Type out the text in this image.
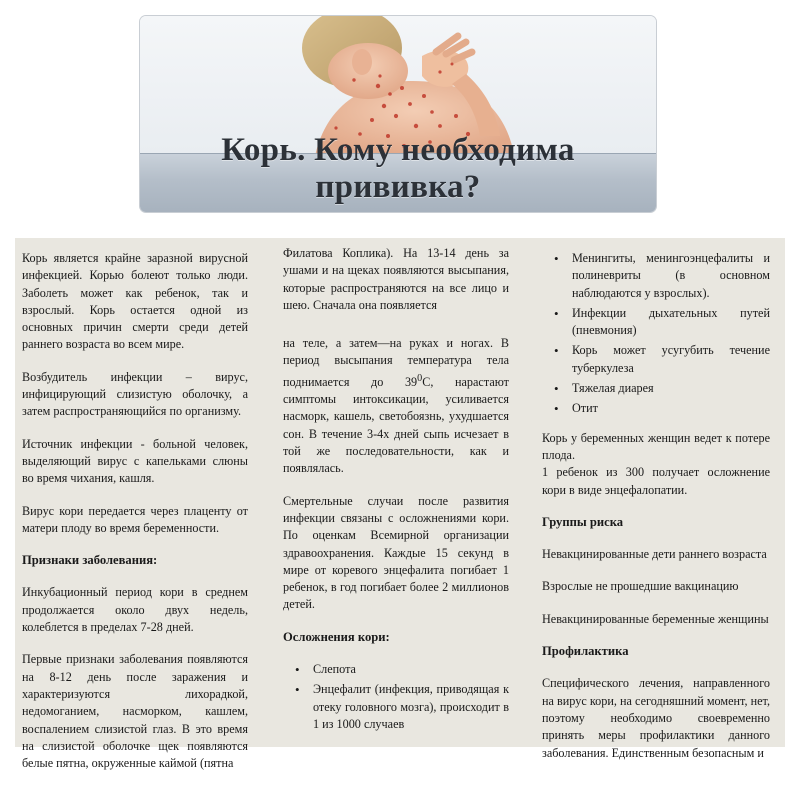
Корь. Кому необходима прививка?

Корь является крайне заразной вирусной инфекцией. Корью болеют только люди. Заболеть может как ребенок, так и взрослый. Корь остается одной из основных причин смерти среди детей раннего возраста во всем мире.

Возбудитель инфекции – вирус, инфицирующий слизистую оболочку, а затем распространяющийся по организму.

Источник инфекции - больной человек, выделяющий вирус с капельками слюны во время чихания, кашля.

Вирус кори передается через плаценту от матери плоду во время беременности.

Признаки заболевания:

Инкубационный период кори в среднем продолжается около двух недель, колеблется в пределах 7-28 дней.

Первые признаки заболевания появляются на 8-12 день после заражения и характеризуются лихорадкой, недомоганием, насморком, кашлем, воспалением слизистой глаз. В это время на слизистой оболочке щек появляются белые пятна, окруженные каймой (пятна

Филатова Коплика). На 13-14 день за ушами и на щеках появляются высыпания, которые распространяются на все лицо и шею. Сначала она появляется

на теле, а затем—на руках и ногах. В период высыпания температура тела поднимается до $39^0С$, нарастают симптомы интоксикации, усиливается насморк, кашель, светобоязнь, ухудшается сон. В течение 3-4х дней сыпь исчезает в той же последовательности, как и появлялась.

Смертельные случаи после развития инфекции связаны с осложнениями кори. По оценкам Всемирной организации здравоохранения. Каждые 15 секунд в мире от коревого энцефалита погибает 1 ребенок, в год погибает более 2 миллионов детей.

Осложнения кори:
• Слепота
• Энцефалит (инфекция, приводящая к отеку головного мозга), происходит в 1 из 1000 случаев
• Менингиты, менингоэнцефалиты и полиневриты (в основном наблюдаются у взрослых).
• Инфекции дыхательных путей (пневмония)
• Корь может усугубить течение туберкулеза
• Тяжелая диарея
• Отит

Корь у беременных женщин ведет к потере плода.

1 ребенок из 300 получает осложнение кори в виде энцефалопатии.

Группы риска

Невакцинированные дети раннего возраста

Взрослые не прошедшие вакцинацию

Невакцинированные беременные женщины

Профилактика

Специфического лечения, направленного на вирус кори, на сегодняшний момент, нет, поэтому необходимо своевременно принять меры профилактики данного заболевания. Единственным безопасным и
